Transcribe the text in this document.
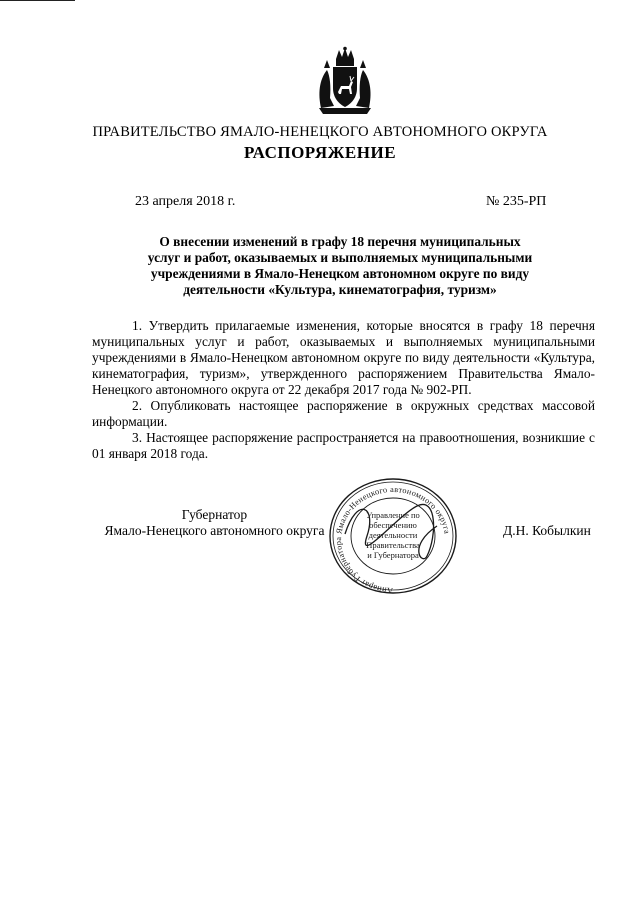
ПРАВИТЕЛЬСТВО ЯМАЛО-НЕНЕЦКОГО АВТОНОМНОГО ОКРУГА
РАСПОРЯЖЕНИЕ
23 апреля 2018 г.	№ 235-РП
О внесении изменений в графу 18 перечня муниципальных
услуг и работ, оказываемых и выполняемых муниципальными
учреждениями в Ямало-Ненецком автономном округе по виду
деятельности «Культура, кинематография, туризм»
1. Утвердить прилагаемые изменения, которые вносятся в графу 18 перечня муниципальных услуг и работ, оказываемых и выполняемых муниципальными учреждениями в Ямало-Ненецком автономном округе по виду деятельности «Культура, кинематография, туризм», утвержденного распоряжением Правительства Ямало-Ненецкого автономного округа от 22 декабря 2017 года № 902-РП.
2. Опубликовать настоящее распоряжение в окружных средствах массовой информации.
3. Настоящее распоряжение распространяется на правоотношения, возникшие с 01 января 2018 года.
Губернатор
Ямало-Ненецкого автономного округа	Д.Н. Кобылкин
Аппарат Губернатора Ямало-Ненецкого автономного округа
Управление по
обеспечению
деятельности
Правительства
и Губернатора
